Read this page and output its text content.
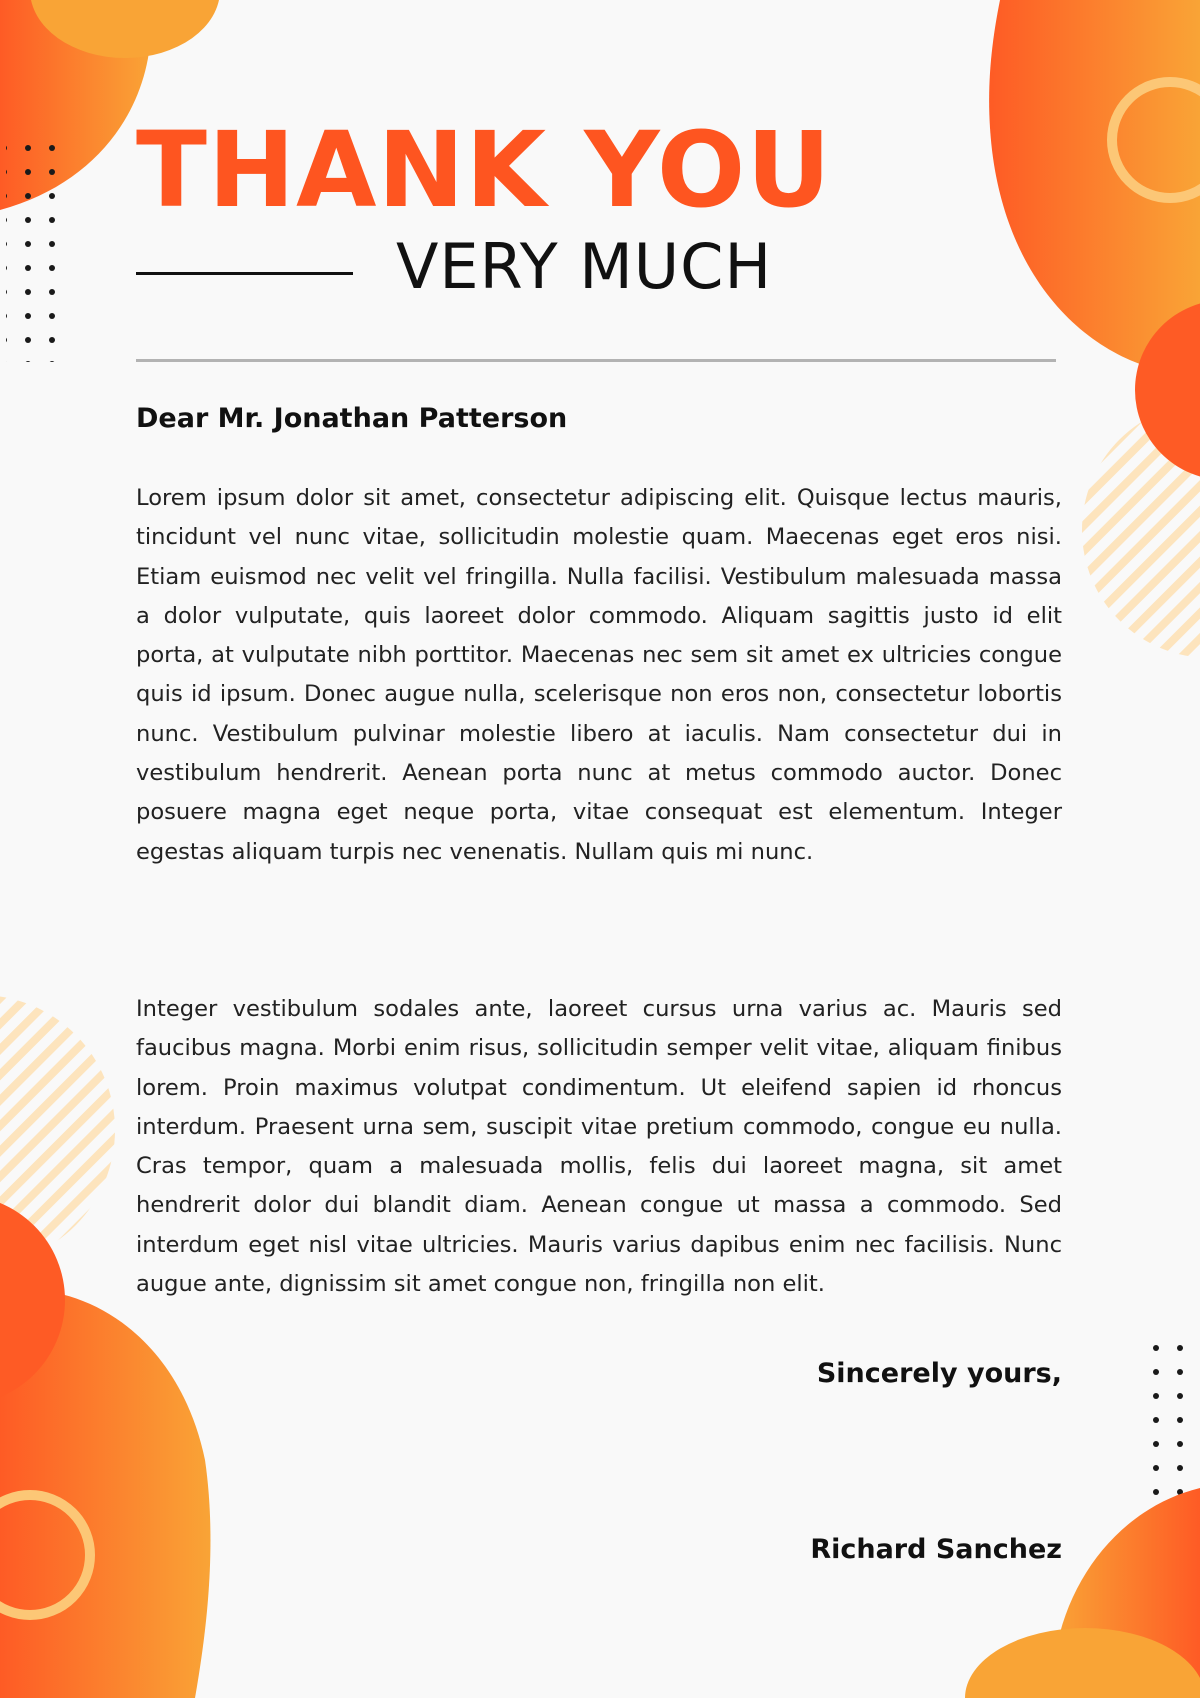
THANK YOU
VERY MUCH
Dear Mr. Jonathan Patterson

Lorem ipsum dolor sit amet, consectetur adipiscing elit. Quisque lectus mauris, tincidunt vel nunc vitae, sollicitudin molestie quam. Maecenas eget eros nisi. Etiam euismod nec velit vel fringilla. Nulla facilisi. Vestibulum malesuada massa a dolor vulputate, quis laoreet dolor commodo. Aliquam sagittis justo id elit porta, at vulputate nibh porttitor. Maecenas nec sem sit amet ex ultricies congue quis id ipsum. Donec augue nulla, scelerisque non eros non, consectetur lobortis nunc. Vestibulum pulvinar molestie libero at iaculis. Nam consectetur dui in vestibulum hendrerit. Aenean porta nunc at metus commodo auctor. Donec posuere magna eget neque porta, vitae consequat est elementum. Integer egestas aliquam turpis nec venenatis. Nullam quis mi nunc.

Integer vestibulum sodales ante, laoreet cursus urna varius ac. Mauris sed faucibus magna. Morbi enim risus, sollicitudin semper velit vitae, aliquam finibus lorem. Proin maximus volutpat condimentum. Ut eleifend sapien id rhoncus interdum. Praesent urna sem, suscipit vitae pretium commodo, congue eu nulla. Cras tempor, quam a malesuada mollis, felis dui laoreet magna, sit amet hendrerit dolor dui blandit diam. Aenean congue ut massa a commodo. Sed interdum eget nisl vitae ultricies. Mauris varius dapibus enim nec facilisis. Nunc augue ante, dignissim sit amet congue non, fringilla non elit.

Sincerely yours,
Richard Sanchez
